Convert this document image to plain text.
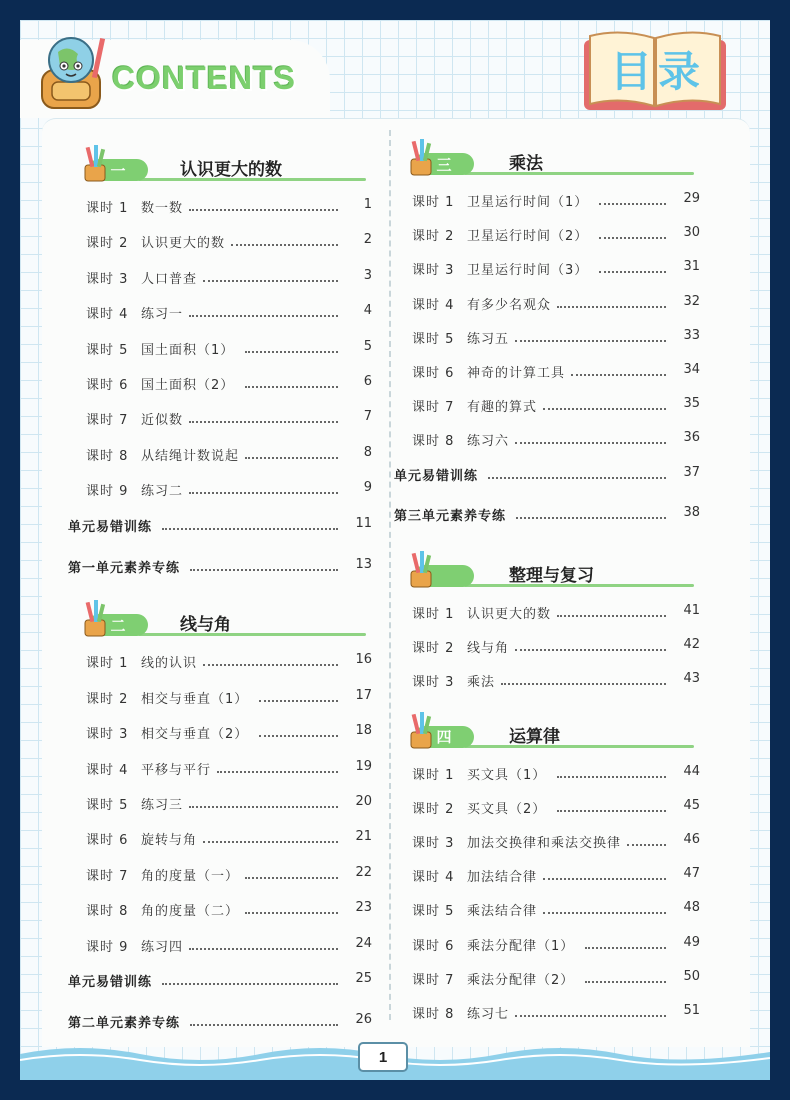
CONTENTS	目录
一	认识更大的数
课时 1 数一数	1
课时 2 认识更大的数	2
课时 3 人口普查	3
课时 4 练习一	4
课时 5 国土面积（1）	5
课时 6 国土面积（2）	6
课时 7 近似数	7
课时 8 从结绳计数说起	8
课时 9 练习二	9
单元易错训练	11
第一单元素养专练	13
二	线与角
课时 1 线的认识	16
课时 2 相交与垂直（1）	17
课时 3 相交与垂直（2）	18
课时 4 平移与平行	19
课时 5 练习三	20
课时 6 旋转与角	21
课时 7 角的度量（一）	22
课时 8 角的度量（二）	23
课时 9 练习四	24
单元易错训练	25
第二单元素养专练	26
三	乘法
课时 1 卫星运行时间（1）	29
课时 2 卫星运行时间（2）	30
课时 3 卫星运行时间（3）	31
课时 4 有多少名观众	32
课时 5 练习五	33
课时 6 神奇的计算工具	34
课时 7 有趣的算式	35
课时 8 练习六	36
单元易错训练	37
第三单元素养专练	38
整理与复习
课时 1 认识更大的数	41
课时 2 线与角	42
课时 3 乘法	43
四	运算律
课时 1 买文具（1）	44
课时 2 买文具（2）	45
课时 3 加法交换律和乘法交换律	46
课时 4 加法结合律	47
课时 5 乘法结合律	48
课时 6 乘法分配律（1）	49
课时 7 乘法分配律（2）	50
课时 8 练习七	51
1
